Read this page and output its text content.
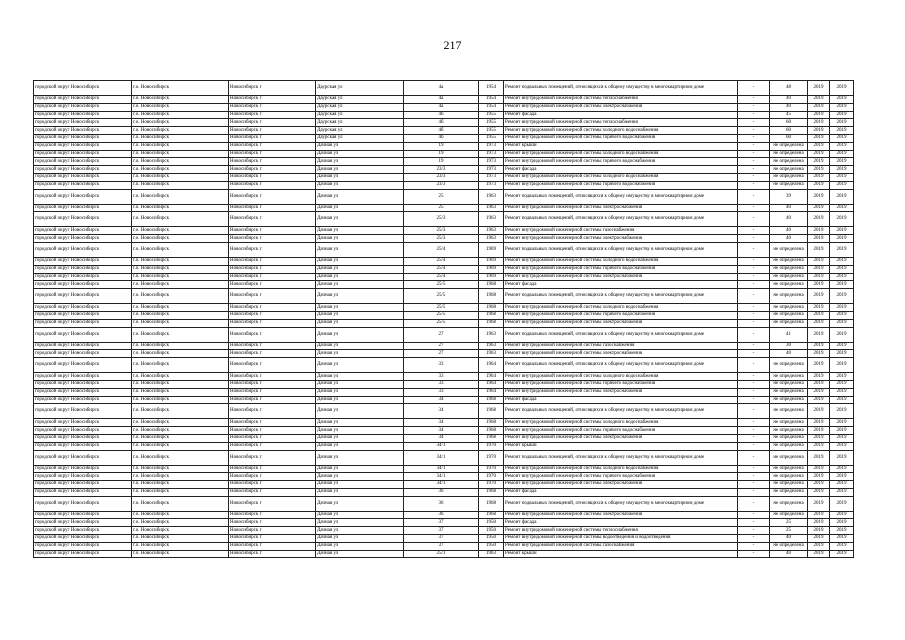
217
городской округ Новосибирск	г.о. Новосибирск	Новосибирск г	Даурская ул	4а	1954	Ремонт подвальных помещений, относящихся к общему имуществу в многоквартирном доме	-	48	2019	2019
городской округ Новосибирск	г.о. Новосибирск	Новосибирск г	Даурская ул	4а	1954	Ремонт внутридомовой инженерной системы теплоснабжения	-	40	2019	2019
городской округ Новосибирск	г.о. Новосибирск	Новосибирск г	Даурская ул	4а	1954	Ремонт внутридомовой инженерной системы электроснабжения	-	40	2019	2019
городской округ Новосибирск	г.о. Новосибирск	Новосибирск г	Даурская ул	4б	1955	Ремонт фасада	-	45	2019	2019
городской округ Новосибирск	г.о. Новосибирск	Новосибирск г	Даурская ул	4б	1955	Ремонт внутридомовой инженерной системы теплоснабжения	-	60	2019	2019
городской округ Новосибирск	г.о. Новосибирск	Новосибирск г	Даурская ул	4б	1955	Ремонт внутридомовой инженерной системы холодного водоснабжения	-	60	2019	2019
городской округ Новосибирск	г.о. Новосибирск	Новосибирск г	Даурская ул	4б	1955	Ремонт внутридомовой инженерной системы горячего водоснабжения	-	60	2019	2019
городской округ Новосибирск	г.о. Новосибирск	Новосибирск г	Дачная ул	19	1973	Ремонт крыши	-	не определена	2019	2019
городской округ Новосибирск	г.о. Новосибирск	Новосибирск г	Дачная ул	19	1973	Ремонт внутридомовой инженерной системы холодного водоснабжения	-	не определена	2019	2019
городской округ Новосибирск	г.о. Новосибирск	Новосибирск г	Дачная ул	19	1973	Ремонт внутридомовой инженерной системы горячего водоснабжения	-	не определена	2019	2019
городской округ Новосибирск	г.о. Новосибирск	Новосибирск г	Дачная ул	23/3	1973	Ремонт фасада	-	не определена	2019	2019
городской округ Новосибирск	г.о. Новосибирск	Новосибирск г	Дачная ул	23/3	1973	Ремонт внутридомовой инженерной системы холодного водоснабжения	-	не определена	2019	2019
городской округ Новосибирск	г.о. Новосибирск	Новосибирск г	Дачная ул	23/3	1973	Ремонт внутридомовой инженерной системы горячего водоснабжения	-	не определена	2019	2019
городской округ Новосибирск	г.о. Новосибирск	Новосибирск г	Дачная ул	25	1963	Ремонт подвальных помещений, относящихся к общему имуществу в многоквартирном доме	-	39	2019	2019
городской округ Новосибирск	г.о. Новосибирск	Новосибирск г	Дачная ул	25	1963	Ремонт внутридомовой инженерной системы электроснабжения	-	40	2019	2019
городской округ Новосибирск	г.о. Новосибирск	Новосибирск г	Дачная ул	25/3	1963	Ремонт подвальных помещений, относящихся к общему имуществу в многоквартирном доме	-	40	2019	2019
городской округ Новосибирск	г.о. Новосибирск	Новосибирск г	Дачная ул	25/3	1963	Ремонт внутридомовой инженерной системы газоснабжения	-	40	2019	2019
городской округ Новосибирск	г.о. Новосибирск	Новосибирск г	Дачная ул	25/3	1963	Ремонт внутридомовой инженерной системы электроснабжения	-	40	2019	2019
городской округ Новосибирск	г.о. Новосибирск	Новосибирск г	Дачная ул	25/4	1969	Ремонт подвальных помещений, относящихся к общему имуществу в многоквартирном доме	-	не определена	2019	2019
городской округ Новосибирск	г.о. Новосибирск	Новосибирск г	Дачная ул	25/4	1969	Ремонт внутридомовой инженерной системы холодного водоснабжения	-	не определена	2019	2019
городской округ Новосибирск	г.о. Новосибирск	Новосибирск г	Дачная ул	25/4	1969	Ремонт внутридомовой инженерной системы горячего водоснабжения	-	не определена	2019	2019
городской округ Новосибирск	г.о. Новосибирск	Новосибирск г	Дачная ул	25/4	1969	Ремонт внутридомовой инженерной системы электроснабжения	-	не определена	2019	2019
городской округ Новосибирск	г.о. Новосибирск	Новосибирск г	Дачная ул	25/5	1968	Ремонт фасада	-	не определена	2019	2019
городской округ Новосибирск	г.о. Новосибирск	Новосибирск г	Дачная ул	25/5	1968	Ремонт подвальных помещений, относящихся к общему имуществу в многоквартирном доме	-	не определена	2019	2019
городской округ Новосибирск	г.о. Новосибирск	Новосибирск г	Дачная ул	25/5	1968	Ремонт внутридомовой инженерной системы холодного водоснабжения	-	не определена	2019	2019
городской округ Новосибирск	г.о. Новосибирск	Новосибирск г	Дачная ул	25/5	1968	Ремонт внутридомовой инженерной системы горячего водоснабжения	-	не определена	2019	2019
городской округ Новосибирск	г.о. Новосибирск	Новосибирск г	Дачная ул	25/5	1968	Ремонт внутридомовой инженерной системы электроснабжения	-	не определена	2019	2019
городской округ Новосибирск	г.о. Новосибирск	Новосибирск г	Дачная ул	27	1963	Ремонт подвальных помещений, относящихся к общему имуществу в многоквартирном доме	-	41	2019	2019
городской округ Новосибирск	г.о. Новосибирск	Новосибирск г	Дачная ул	27	1963	Ремонт внутридомовой инженерной системы газоснабжения	-	30	2019	2019
городской округ Новосибирск	г.о. Новосибирск	Новосибирск г	Дачная ул	27	1963	Ремонт внутридомовой инженерной системы электроснабжения	-	40	2019	2019
городской округ Новосибирск	г.о. Новосибирск	Новосибирск г	Дачная ул	33	1964	Ремонт подвальных помещений, относящихся к общему имуществу в многоквартирном доме	-	не определена	2019	2019
городской округ Новосибирск	г.о. Новосибирск	Новосибирск г	Дачная ул	33	1964	Ремонт внутридомовой инженерной системы холодного водоснабжения	-	не определена	2019	2019
городской округ Новосибирск	г.о. Новосибирск	Новосибирск г	Дачная ул	33	1964	Ремонт внутридомовой инженерной системы горячего водоснабжения	-	не определена	2019	2019
городской округ Новосибирск	г.о. Новосибирск	Новосибирск г	Дачная ул	33	1964	Ремонт внутридомовой инженерной системы электроснабжения	-	не определена	2019	2019
городской округ Новосибирск	г.о. Новосибирск	Новосибирск г	Дачная ул	34	1968	Ремонт фасада	-	не определена	2019	2019
городской округ Новосибирск	г.о. Новосибирск	Новосибирск г	Дачная ул	34	1968	Ремонт подвальных помещений, относящихся к общему имуществу в многоквартирном доме	-	не определена	2019	2019
городской округ Новосибирск	г.о. Новосибирск	Новосибирск г	Дачная ул	34	1968	Ремонт внутридомовой инженерной системы холодного водоснабжения	-	не определена	2019	2019
городской округ Новосибирск	г.о. Новосибирск	Новосибирск г	Дачная ул	34	1968	Ремонт внутридомовой инженерной системы горячего водоснабжения	-	не определена	2019	2019
городской округ Новосибирск	г.о. Новосибирск	Новосибирск г	Дачная ул	34	1968	Ремонт внутридомовой инженерной системы электроснабжения	-	не определена	2019	2019
городской округ Новосибирск	г.о. Новосибирск	Новосибирск г	Дачная ул	34/1	1970	Ремонт крыши	-	не определена	2019	2019
городской округ Новосибирск	г.о. Новосибирск	Новосибирск г	Дачная ул	34/1	1970	Ремонт подвальных помещений, относящихся к общему имуществу в многоквартирном доме	-	не определена	2019	2019
городской округ Новосибирск	г.о. Новосибирск	Новосибирск г	Дачная ул	34/1	1970	Ремонт внутридомовой инженерной системы холодного водоснабжения	-	не определена	2019	2019
городской округ Новосибирск	г.о. Новосибирск	Новосибирск г	Дачная ул	34/1	1970	Ремонт внутридомовой инженерной системы горячего водоснабжения	-	не определена	2019	2019
городской округ Новосибирск	г.о. Новосибирск	Новосибирск г	Дачная ул	34/1	1970	Ремонт внутридомовой инженерной системы электроснабжения	-	не определена	2019	2019
городской округ Новосибирск	г.о. Новосибирск	Новосибирск г	Дачная ул	36	1968	Ремонт фасада	-	не определена	2019	2019
городской округ Новосибирск	г.о. Новосибирск	Новосибирск г	Дачная ул	36	1968	Ремонт подвальных помещений, относящихся к общему имуществу в многоквартирном доме	-	не определена	2019	2019
городской округ Новосибирск	г.о. Новосибирск	Новосибирск г	Дачная ул	36	1968	Ремонт внутридомовой инженерной системы электроснабжения	-	не определена	2019	2019
городской округ Новосибирск	г.о. Новосибирск	Новосибирск г	Дачная ул	37	1950	Ремонт фасада	-	25	2019	2019
городской округ Новосибирск	г.о. Новосибирск	Новосибирск г	Дачная ул	37	1950	Ремонт внутридомовой инженерной системы теплоснабжения	-	25	2019	2019
городской округ Новосибирск	г.о. Новосибирск	Новосибирск г	Дачная ул	37	1950	Ремонт внутридомовой инженерной системы водоотведения и водоотведения	-	40	2019	2019
городской округ Новосибирск	г.о. Новосибирск	Новосибирск г	Дачная ул	37	1950	Ремонт внутридомовой инженерной системы газоснабжения	-	не определена	2019	2019
городской округ Новосибирск	г.о. Новосибирск	Новосибирск г	Дачная ул	25/1	1963	Ремонт крыши	-	40	2019	2019
